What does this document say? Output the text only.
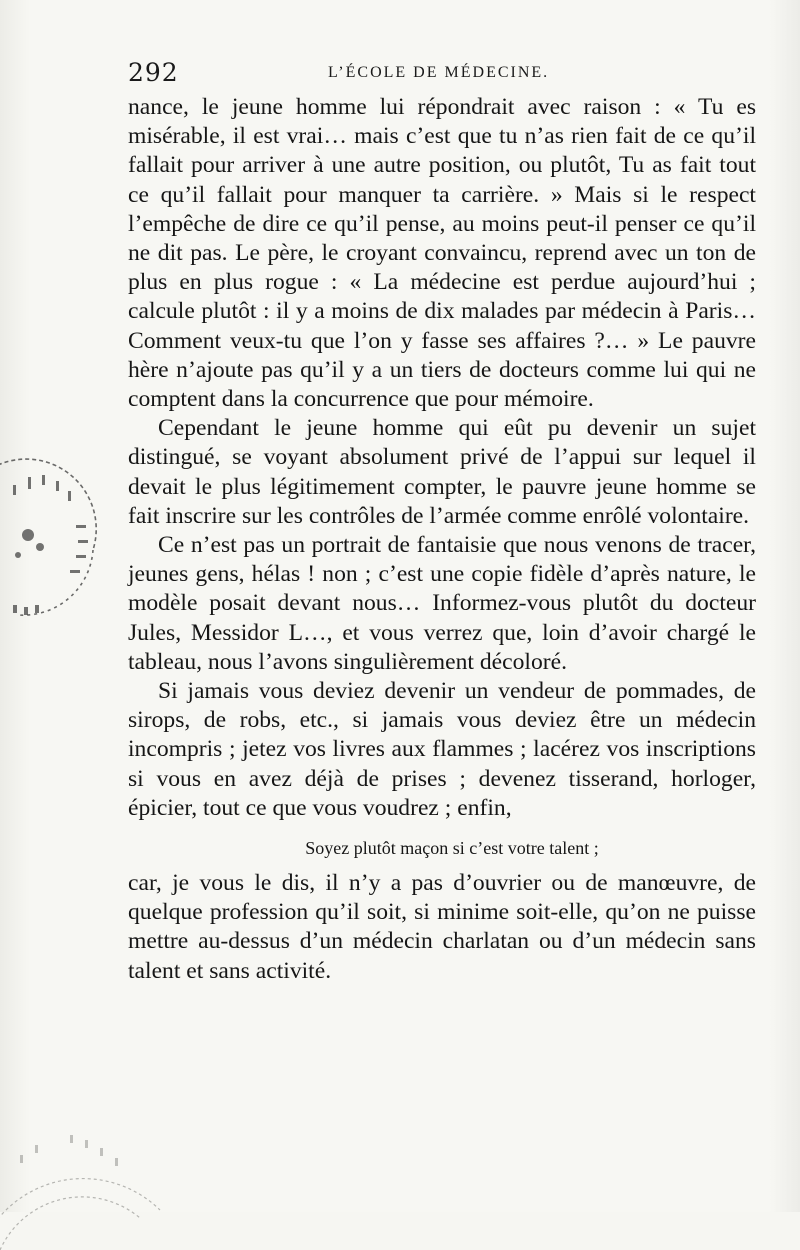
292	L’ÉCOLE DE MÉDECINE.

nance, le jeune homme lui répondrait avec raison : « Tu es misérable, il est vrai… mais c’est que tu n’as rien fait de ce qu’il fallait pour arriver à une autre position, ou plutôt, Tu as fait tout ce qu’il fallait pour manquer ta carrière. » Mais si le respect l’empêche de dire ce qu’il pense, au moins peut-il penser ce qu’il ne dit pas. Le père, le croyant convaincu, reprend avec un ton de plus en plus rogue : « La médecine est perdue aujourd’hui ; calcule plutôt : il y a moins de dix malades par médecin à Paris… Comment veux-tu que l’on y fasse ses affaires ?… » Le pauvre hère n’ajoute pas qu’il y a un tiers de docteurs comme lui qui ne comptent dans la concurrence que pour mémoire.

Cependant le jeune homme qui eût pu devenir un sujet distingué, se voyant absolument privé de l’appui sur lequel il devait le plus légitimement compter, le pauvre jeune homme se fait inscrire sur les contrôles de l’armée comme enrôlé volontaire.

Ce n’est pas un portrait de fantaisie que nous venons de tracer, jeunes gens, hélas ! non ; c’est une copie fidèle d’après nature, le modèle posait devant nous… Informez-vous plutôt du docteur Jules, Messidor L…, et vous verrez que, loin d’avoir chargé le tableau, nous l’avons singulièrement décoloré.

Si jamais vous deviez devenir un vendeur de pommades, de sirops, de robs, etc., si jamais vous deviez être un médecin incompris ; jetez vos livres aux flammes ; lacérez vos inscriptions si vous en avez déjà de prises ; devenez tisserand, horloger, épicier, tout ce que vous voudrez ; enfin,

Soyez plutôt maçon si c’est votre talent ;

car, je vous le dis, il n’y a pas d’ouvrier ou de manœuvre, de quelque profession qu’il soit, si minime soit-elle, qu’on ne puisse mettre au-dessus d’un médecin charlatan ou d’un médecin sans talent et sans activité.
